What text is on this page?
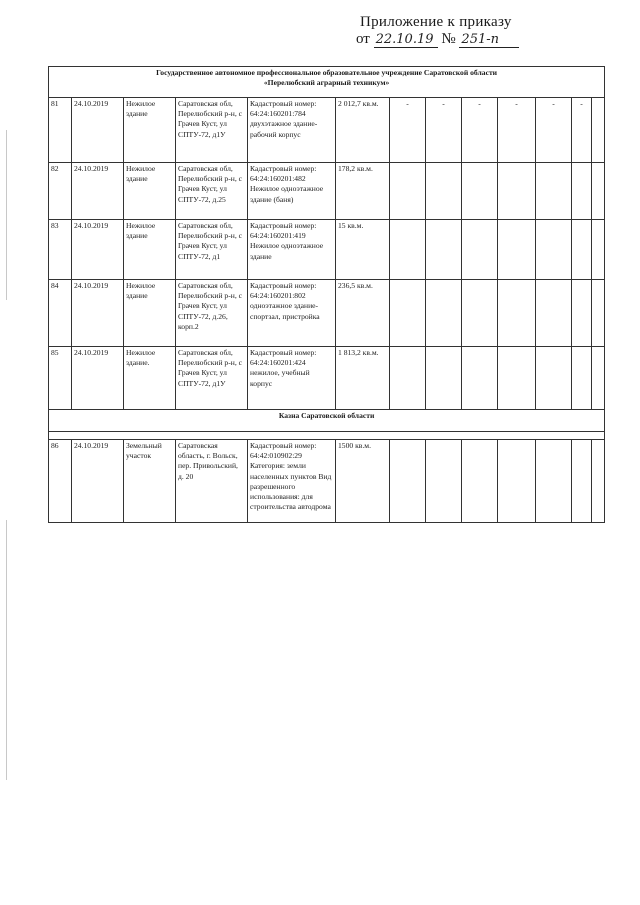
Приложение к приказу
от 22.10.19 № 251-п
Государственное автономное профессиональное образовательное учреждение Саратовской области
«Перелюбский аграрный техникум»												

81	24.10.2019	Нежилое здание	Саратовская обл, Перелюбский р-н, с Грачев Куст, ул СПТУ-72, д1У	Кадастровый номер: 64:24:160201:784 двухэтажное здание- рабочий корпус	2 012,7 кв.м.	-	-	-	-	-	-	
82	24.10.2019	Нежилое здание	Саратовская обл, Перелюбский р-н, с Грачев Куст, ул СПТУ-72, д.25	Кадастровый номер: 64:24:160201:482 Нежилое одноэтажное здание (баня)	178,2 кв.м.							
83	24.10.2019	Нежилое здание	Саратовская обл, Перелюбский р-н, с Грачев Куст, ул СПТУ-72, д1	Кадастровый номер: 64:24:160201:419 Нежилое одноэтажное здание	15 кв.м.							
84	24.10.2019	Нежилое здание	Саратовская обл, Перелюбский р-н, с Грачев Куст, ул СПТУ-72, д.26, корп.2	Кадастровый номер: 64:24:160201:802 одноэтажное здание- спортзал, пристройка	236,5 кв.м.							
85	24.10.2019	Нежилое здание.	Саратовская обл, Перелюбский р-н, с Грачев Куст, ул СПТУ-72, д1У	Кадастровый номер: 64:24:160201:424 нежилое, учебный корпус	1 813,2 кв.м.							
Казна Саратовской области												

86	24.10.2019	Земельный участок	Саратовская область, г. Вольск, пер. Привольский, д. 20	Кадастровый номер: 64:42:010902:29 Категория: земли населенных пунктов Вид разрешенного использования: для строительства автодрома	1500 кв.м.							
